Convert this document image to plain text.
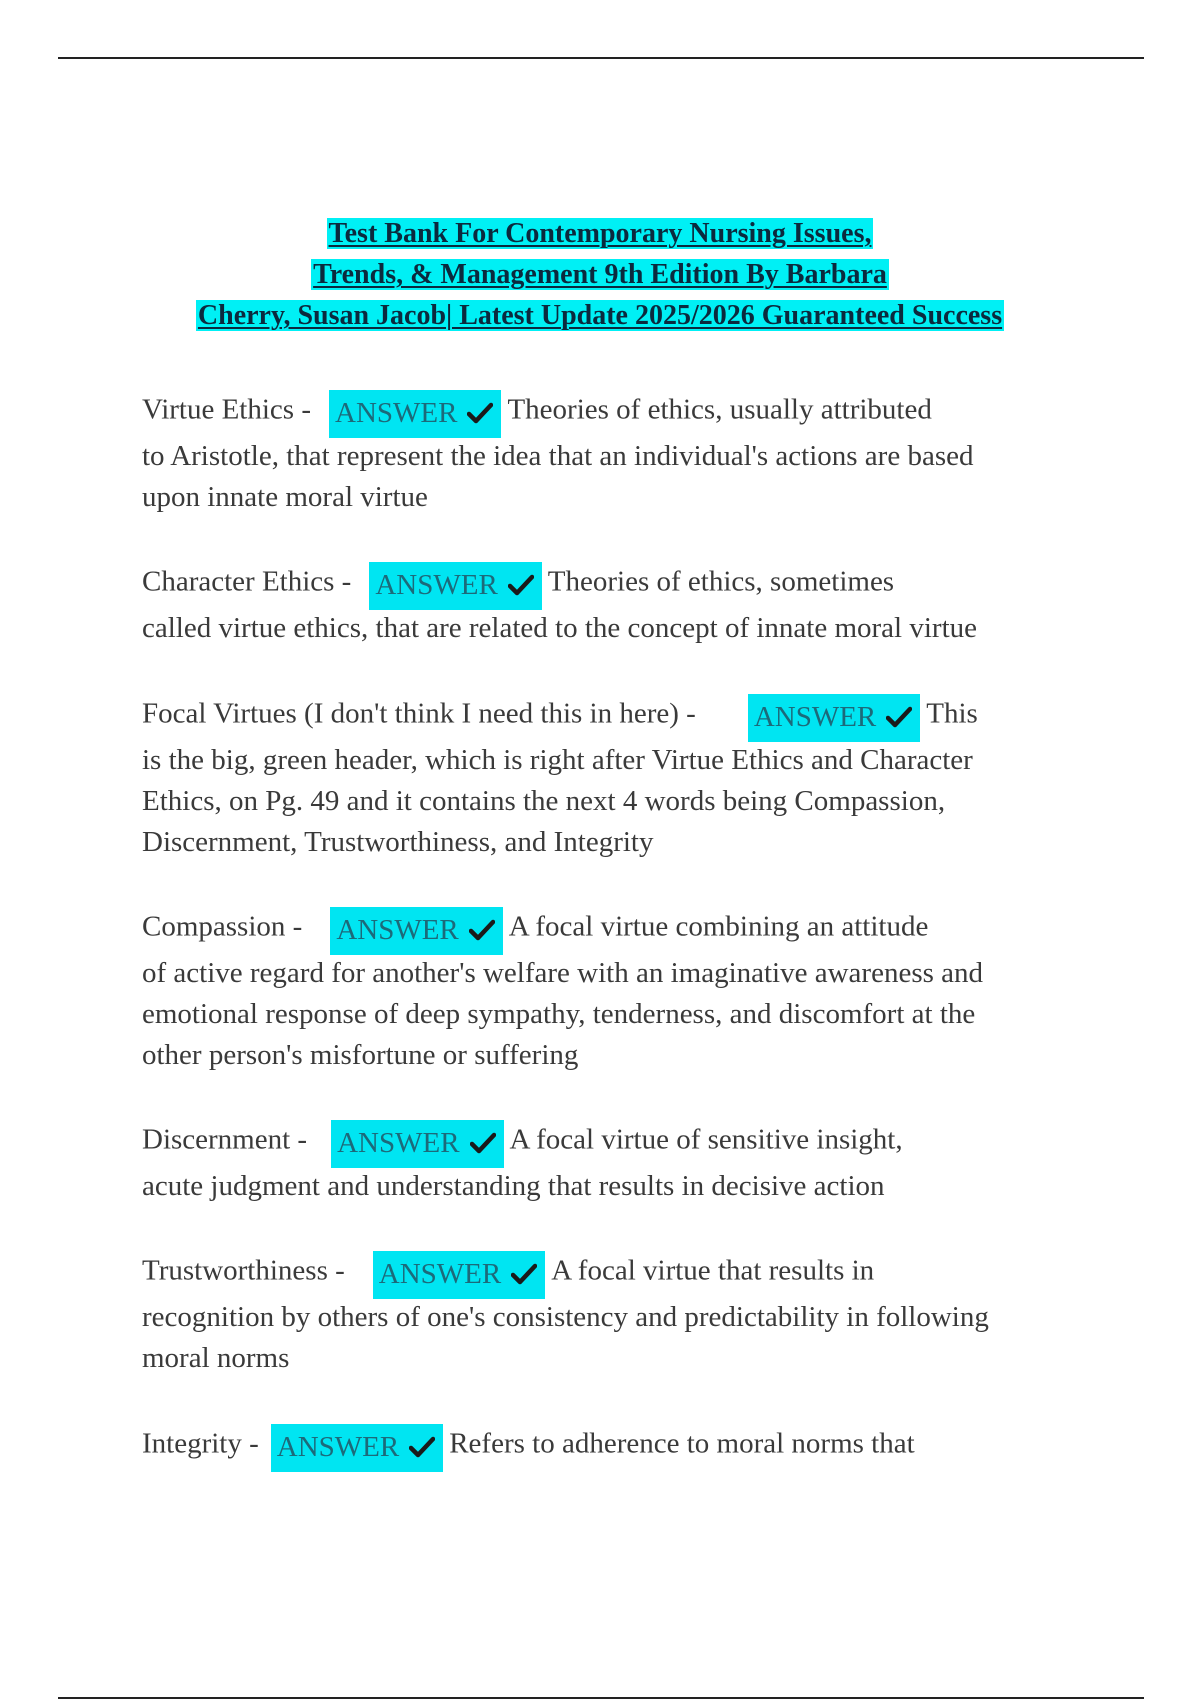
Test Bank For Contemporary Nursing Issues,
Trends, & Management 9th Edition By Barbara
Cherry, Susan Jacob| Latest Update 2025/2026 Guaranteed Success
Virtue Ethics - ANSWER Theories of ethics, usually attributed
to Aristotle, that represent the idea that an individual's actions are based
upon innate moral virtue
Character Ethics - ANSWER Theories of ethics, sometimes
called virtue ethics, that are related to the concept of innate moral virtue
Focal Virtues (I don't think I need this in here) - ANSWER This
is the big, green header, which is right after Virtue Ethics and Character
Ethics, on Pg. 49 and it contains the next 4 words being Compassion,
Discernment, Trustworthiness, and Integrity
Compassion - ANSWER A focal virtue combining an attitude
of active regard for another's welfare with an imaginative awareness and
emotional response of deep sympathy, tenderness, and discomfort at the
other person's misfortune or suffering
Discernment - ANSWER A focal virtue of sensitive insight,
acute judgment and understanding that results in decisive action
Trustworthiness - ANSWER A focal virtue that results in
recognition by others of one's consistency and predictability in following
moral norms
Integrity - ANSWER Refers to adherence to moral norms that
